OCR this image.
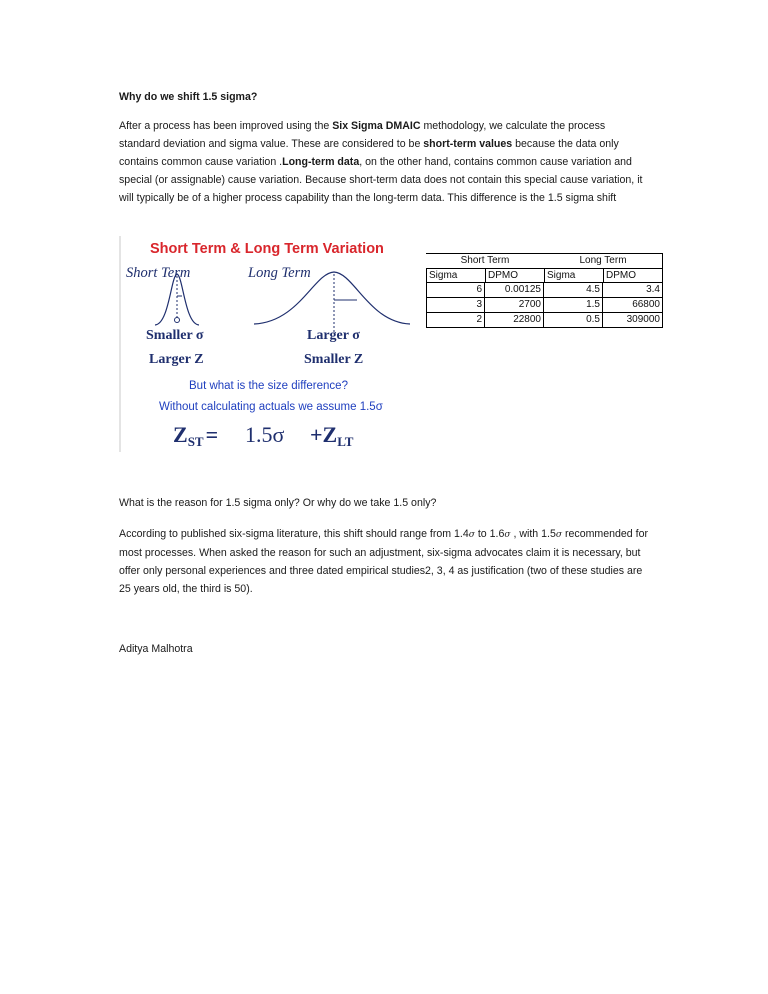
Why do we shift 1.5 sigma?
After a process has been improved using the Six Sigma DMAIC methodology, we calculate the process standard deviation and sigma value. These are considered to be short-term values because the data only contains common cause variation .Long-term data, on the other hand, contains common cause variation and special (or assignable) cause variation. Because short-term data does not contain this special cause variation, it will typically be of a higher process capability than the long-term data. This difference is the 1.5 sigma shift
Short Term & Long Term Variation
Short Term	Long Term
Smaller σ	Larger σ
Larger Z	Smaller Z
But what is the size difference?
Without calculating actuals we assume 1.5σ
ZST= 1.5σ +ZLT
Short Term	Long Term
Sigma	DPMO	Sigma	DPMO
6	0.00125	4.5	3.4
3	2700	1.5	66800
2	22800	0.5	309000
What is the reason for 1.5 sigma only? Or why do we take 1.5 only?
According to published six-sigma literature, this shift should range from 1.4σ to 1.6σ , with 1.5σ recommended for most processes. When asked the reason for such an adjustment, six-sigma advocates claim it is necessary, but offer only personal experiences and three dated empirical studies2, 3, 4 as justification (two of these studies are 25 years old, the third is 50).
Aditya Malhotra
